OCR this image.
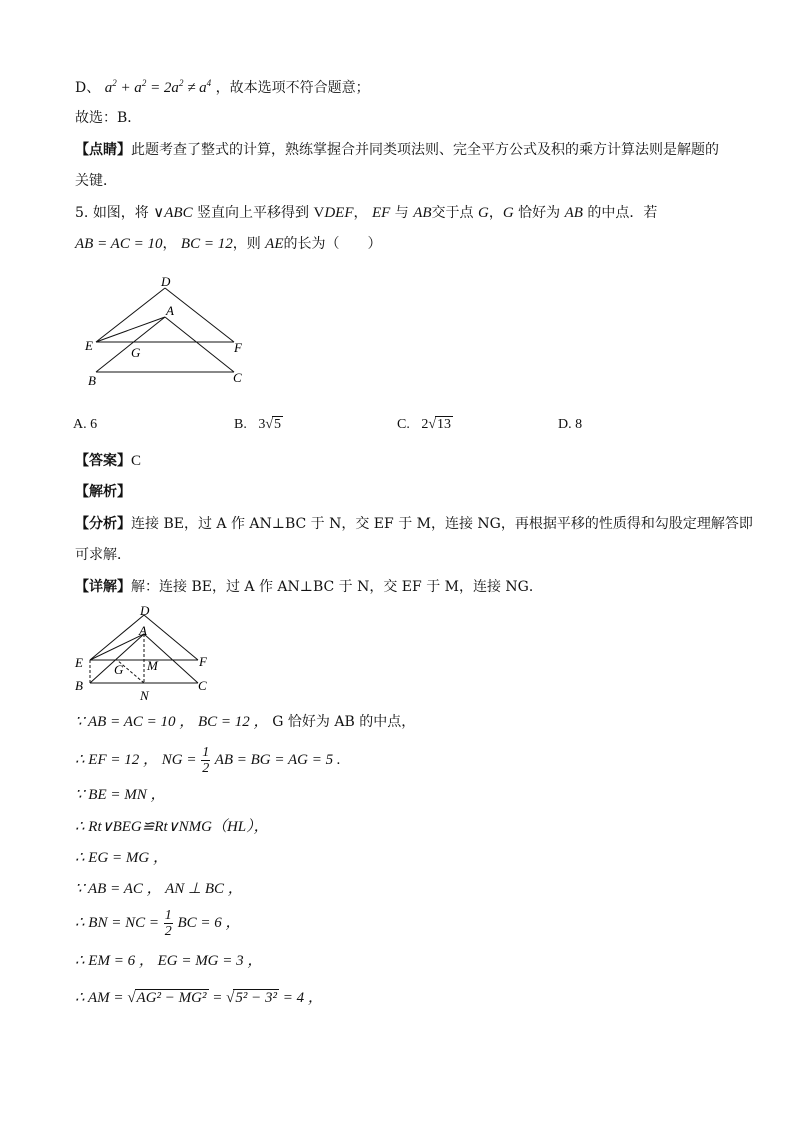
D、 $a^2 + a^2 = 2a^2 \ne a^4$ ，故本选项不符合题意；
故选：B．
【点睛】此题考查了整式的计算，熟练掌握合并同类项法则、完全平方公式及积的乘方计算法则是解题的
关键．
5. 如图，将 ∨ABC 竖直向上平移得到 VDEF， EF 与 AB交于点 G，G 恰好为 AB 的中点．若
AB = AC = 10， BC = 12，则 AE的长为（　　）
D
A
E	F
G
B	C
A. 6	B. 3√5	C. 2√13	D. 8
【答案】C
【解析】
【分析】连接 BE，过 A 作 AN⊥BC 于 N，交 EF 于 M，连接 NG，再根据平移的性质得和勾股定理解答即
可求解．
【详解】解：连接 BE，过 A 作 AN⊥BC 于 N，交 EF 于 M，连接 NG．
D
A
E	F
G M
B
N
C
∵ AB = AC = 10 ， BC = 12 ， G 恰好为 AB 的中点，
∴ EF = 12 ， NG = $\frac{1}{2}$ AB = BG = AG = 5 .
∵ BE = MN ，
∴ Rt∨BEG≌Rt∨NMG（HL），
∴ EG = MG ，
∵ AB = AC ， AN ⊥ BC ，
∴ BN = NC = $\frac{1}{2}$ BC = 6 ，
∴ EM = 6 ， EG = MG = 3 ，
∴ AM = √AG² − MG² = √5² − 3² = 4 ，
